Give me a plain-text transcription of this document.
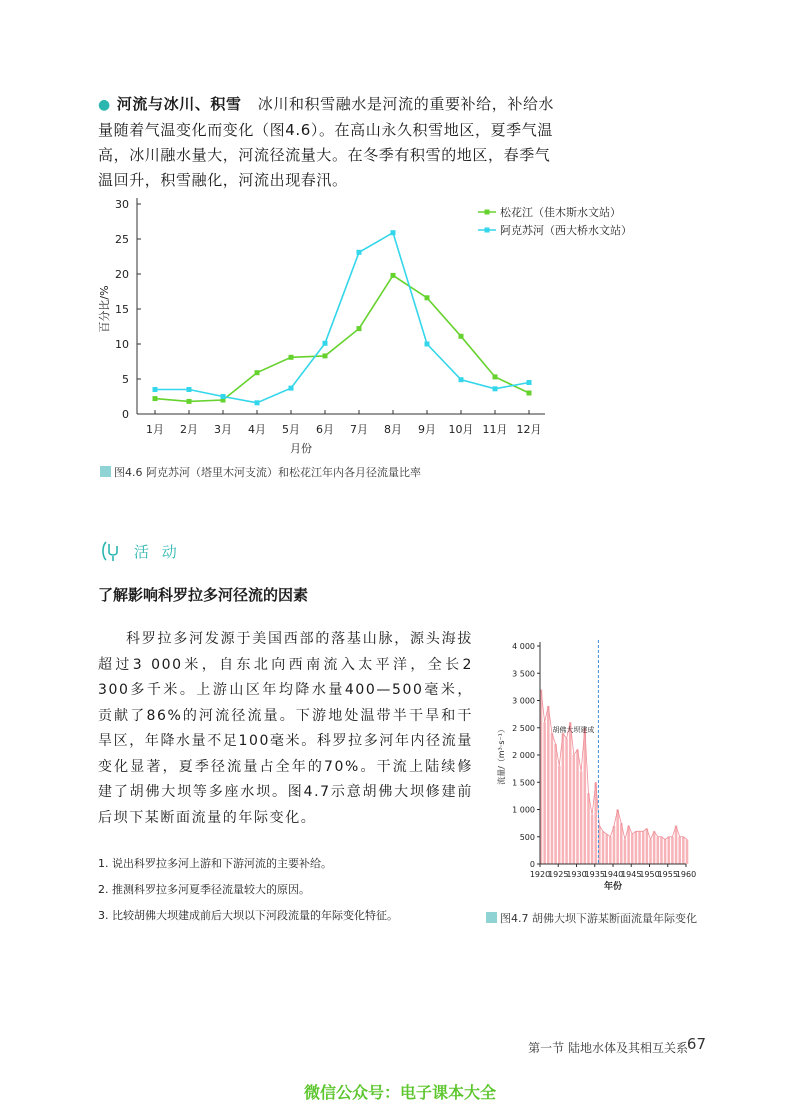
● 河流与冰川、积雪 冰川和积雪融水是河流的重要补给，补给水量随着气温变化而变化（图4.6）。在高山永久积雪地区，夏季气温高，冰川融水量大，河流径流量大。在冬季有积雪的地区，春季气温回升，积雪融化，河流出现春汛。

0
5
10
15
20
25
30
1月 2月 3月 4月 5月 6月 7月 8月 9月 10月 11月 12月
月份
百分比/%
松花江（佳木斯水文站）
阿克苏河（西大桥水文站）
图4.6 阿克苏河（塔里木河支流）和松花江年内各月径流量比率
活 动
了解影响科罗拉多河径流的因素

科罗拉多河发源于美国西部的落基山脉，源头海拔超过3 000米，自东北向西南流入太平洋，全长2 300多千米。上游山区年均降水量400—500毫米，贡献了86%的河流径流量。下游地处温带半干旱和干旱区，年降水量不足100毫米。科罗拉多河年内径流量变化显著，夏季径流量占全年的70%。干流上陆续修建了胡佛大坝等多座水坝。图4.7示意胡佛大坝修建前后坝下某断面流量的年际变化。

1. 说出科罗拉多河上游和下游河流的主要补给。
2. 推测科罗拉多河夏季径流量较大的原因。
3. 比较胡佛大坝建成前后大坝以下河段流量的年际变化特征。
0
500
1 000
1 500
2 000
2 500
3 000
3 500
4 000
1920
1925
1930
1935
1940
1945
1950
1955
1960
年份
流量/（m³·s⁻¹）	胡佛大坝建成
图4.7 胡佛大坝下游某断面流量年际变化
第一节 陆地水体及其相互关系
67
微信公众号：电子课本大全
